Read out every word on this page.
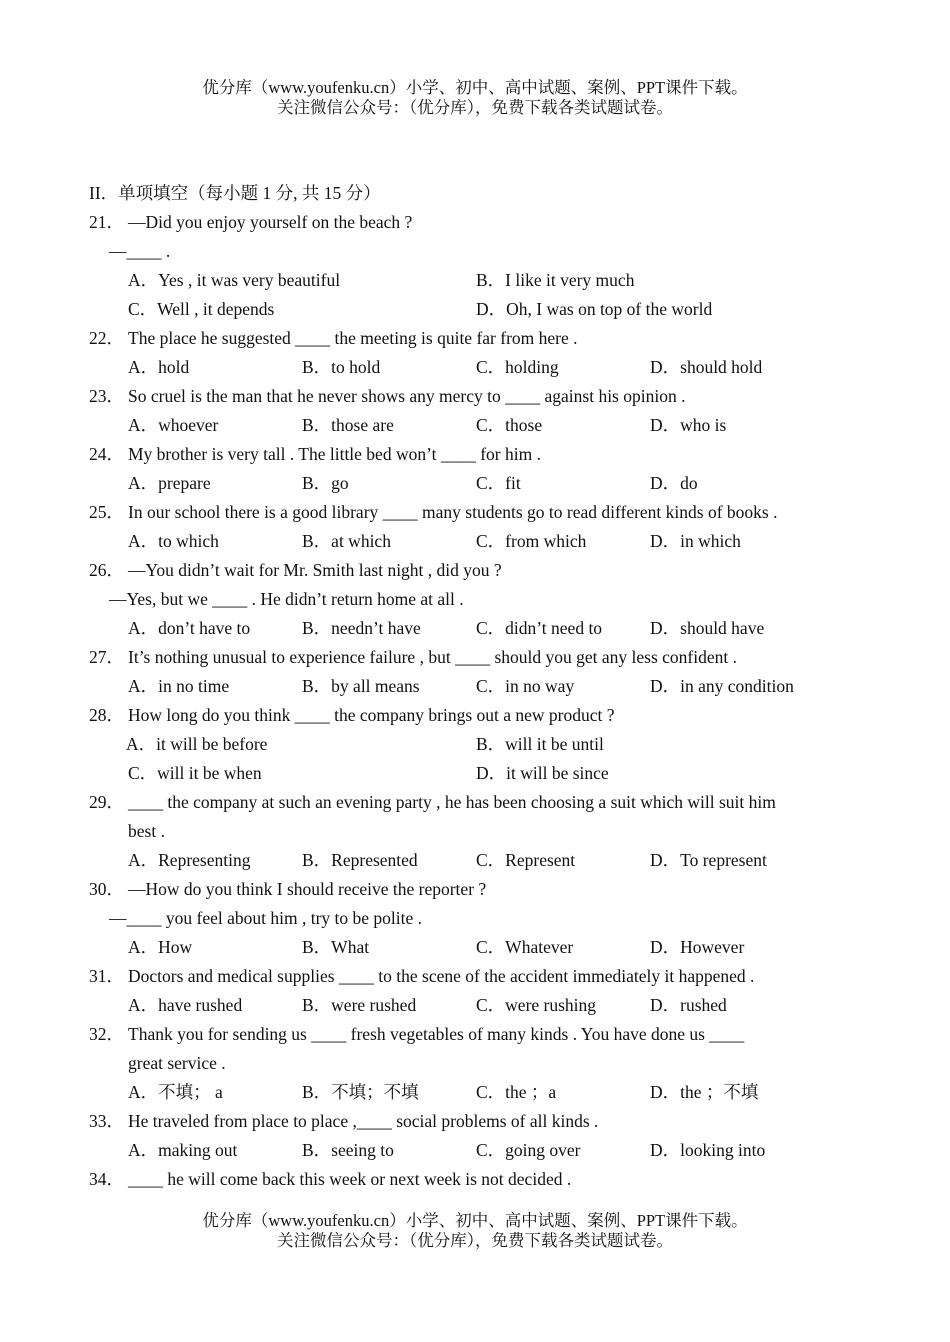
优分库（www.youfenku.cn）小学、初中、高中试题、案例、PPT课件下载。
关注微信公众号：（优分库），免费下载各类试题试卷。
II．单项填空（每小题 1 分, 共 15 分）
21． —Did you enjoy yourself on the beach ?
—____ .
A．Yes , it was very beautiful	B．I like it very much
C．Well , it depends	D．Oh, I was on top of the world
22． The place he suggested ____ the meeting is quite far from here .
A．hold	B．to hold	C．holding	D．should hold
23． So cruel is the man that he never shows any mercy to ____ against his opinion .
A．whoever	B．those are	C．those	D．who is
24． My brother is very tall . The little bed won’t ____ for him .
A．prepare	B．go	C．fit	D．do
25． In our school there is a good library ____ many students go to read different kinds of books .
A．to which	B．at which	C．from which	D．in which
26． —You didn’t wait for Mr. Smith last night , did you ?
—Yes, but we ____ . He didn’t return home at all .
A．don’t have to	B．needn’t have	C．didn’t need to	D．should have
27． It’s nothing unusual to experience failure , but ____ should you get any less confident .
A．in no time	B．by all means	C．in no way	D．in any condition
28． How long do you think ____ the company brings out a new product ?
A．it will be before	B．will it be until
C．will it be when	D．it will be since
29． ____ the company at such an evening party , he has been choosing a suit which will suit him
best .
A．Representing	B．Represented	C．Represent	D．To represent
30． —How do you think I should receive the reporter ?
—____ you feel about him , try to be polite .
A．How	B．What	C．Whatever	D．However
31． Doctors and medical supplies ____ to the scene of the accident immediately it happened .
A．have rushed	B．were rushed	C．were rushing	D．rushed
32． Thank you for sending us ____ fresh vegetables of many kinds . You have done us ____
great service .
A．不填； a	B．不填；不填	C．the ；a	D．the ；不填
33． He traveled from place to place ,____ social problems of all kinds .
A．making out	B．seeing to	C．going over	D．looking into
34． ____ he will come back this week or next week is not decided .
优分库（www.youfenku.cn）小学、初中、高中试题、案例、PPT课件下载。
关注微信公众号：（优分库），免费下载各类试题试卷。
